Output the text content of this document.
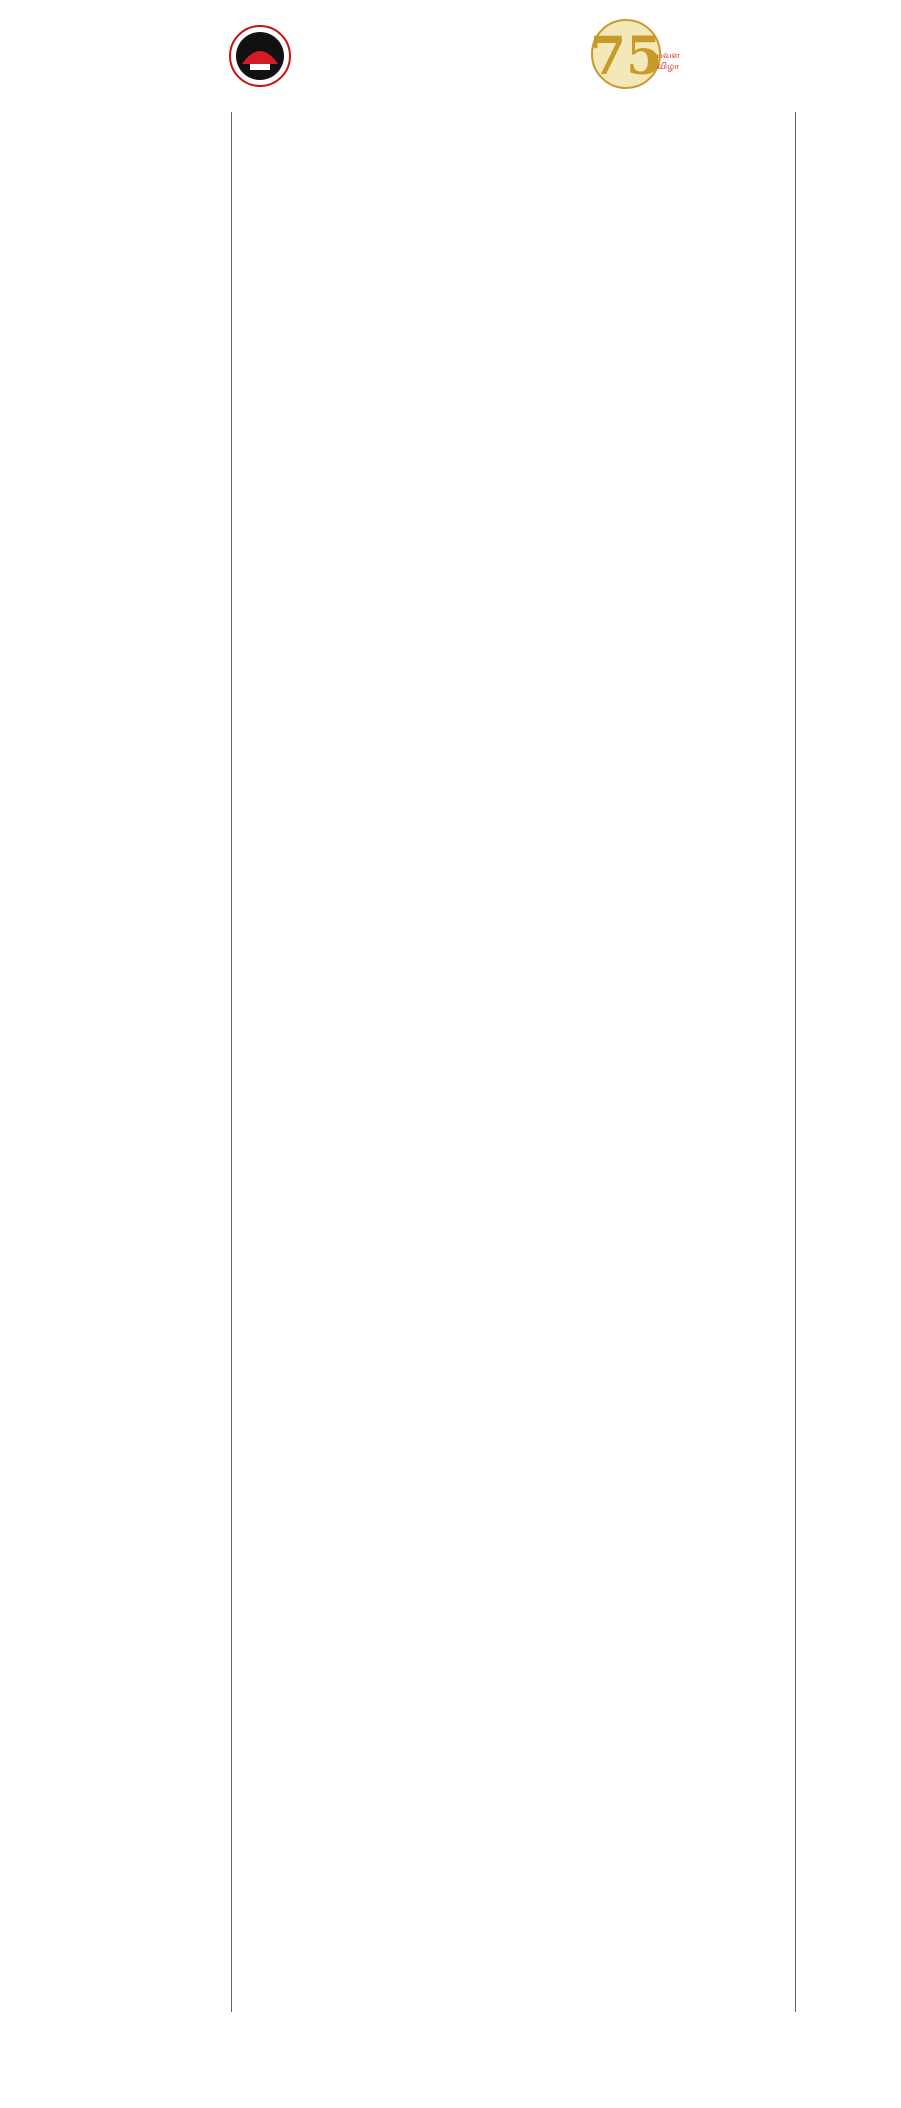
75
பவள
விழா
